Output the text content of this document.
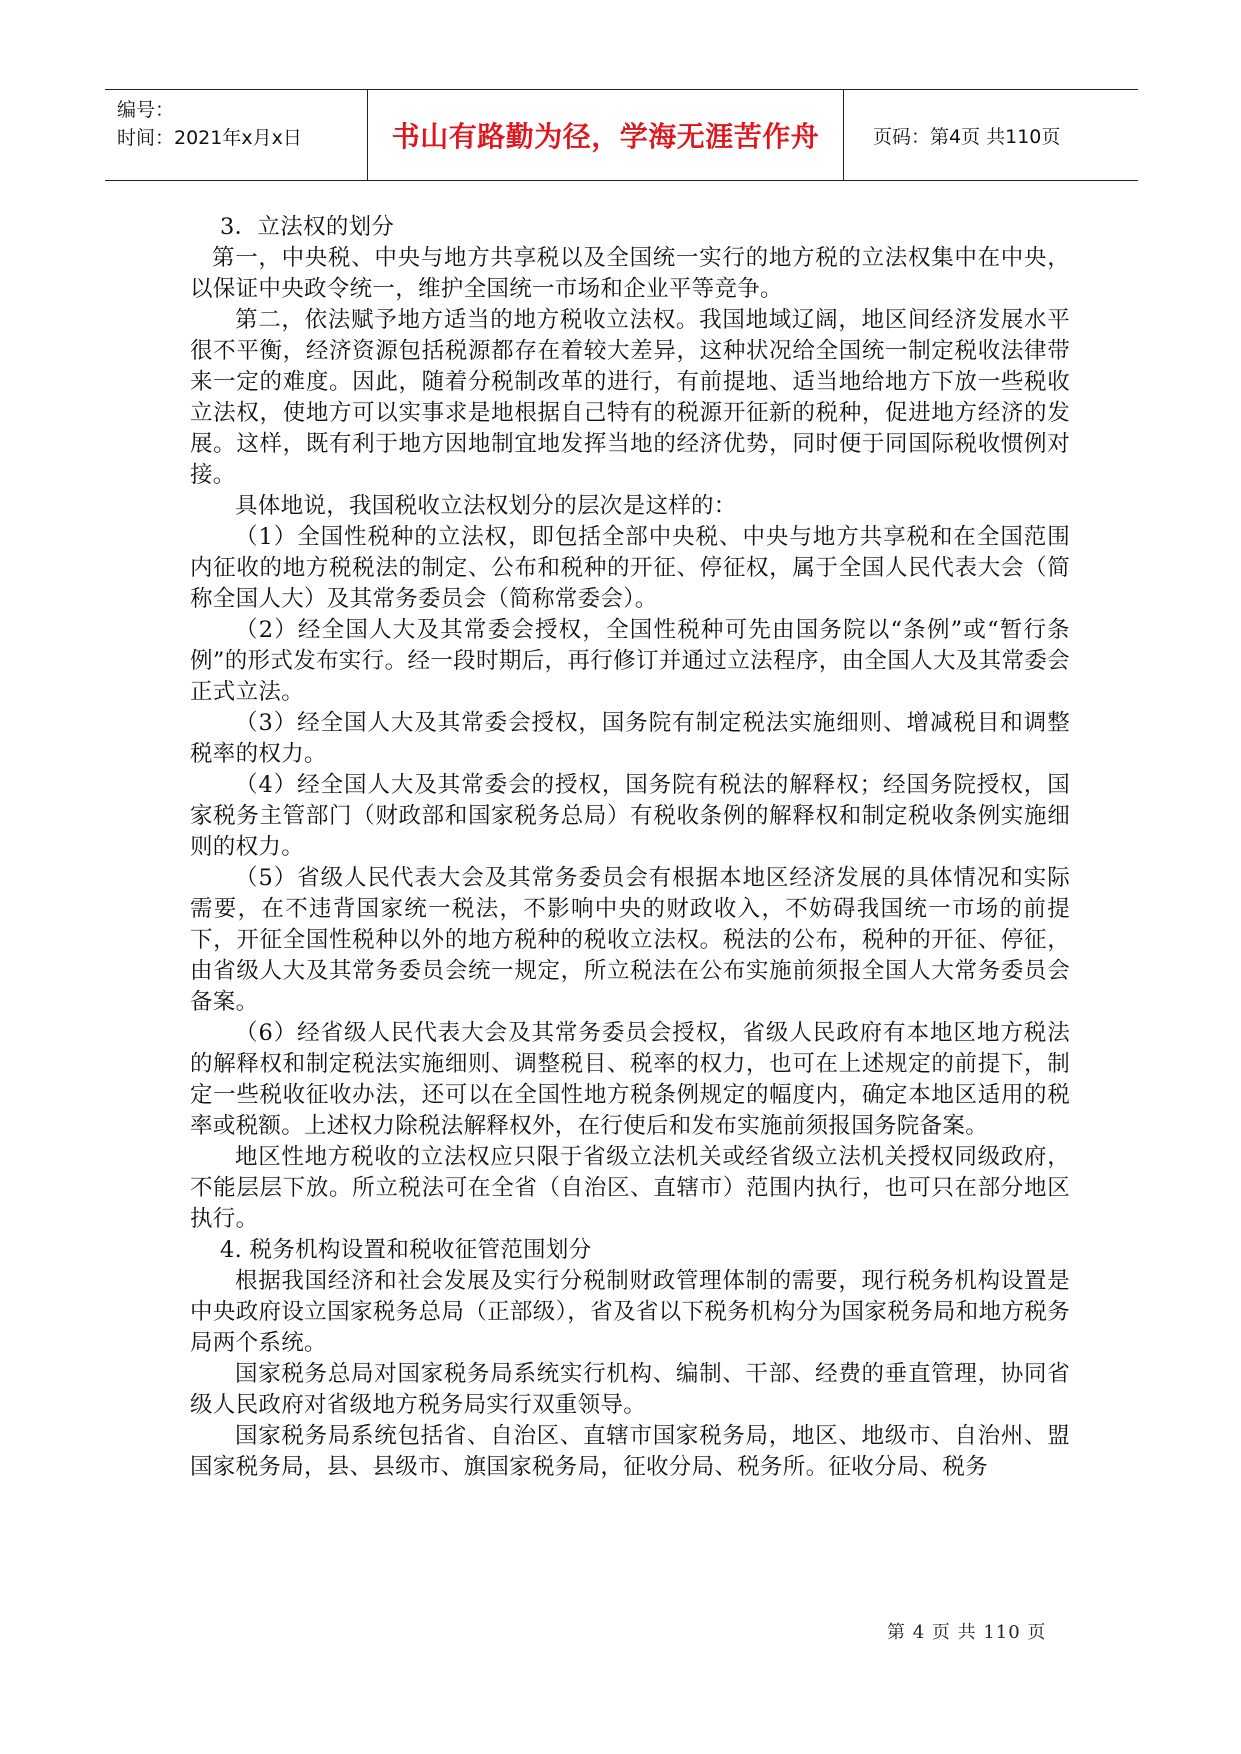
编号：
时间：2021年x月x日	书山有路勤为径，学海无涯苦作舟	页码：第4页 共110页

3．立法权的划分

第一，中央税、中央与地方共享税以及全国统一实行的地方税的立法权集中在中央，以保证中央政令统一，维护全国统一市场和企业平等竞争。

第二，依法赋予地方适当的地方税收立法权。我国地域辽阔，地区间经济发展水平很不平衡，经济资源包括税源都存在着较大差异，这种状况给全国统一制定税收法律带来一定的难度。因此，随着分税制改革的进行，有前提地、适当地给地方下放一些税收立法权，使地方可以实事求是地根据自己特有的税源开征新的税种，促进地方经济的发展。这样，既有利于地方因地制宜地发挥当地的经济优势，同时便于同国际税收惯例对接。

具体地说，我国税收立法权划分的层次是这样的：

（1）全国性税种的立法权，即包括全部中央税、中央与地方共享税和在全国范围内征收的地方税税法的制定、公布和税种的开征、停征权，属于全国人民代表大会（简称全国人大）及其常务委员会（简称常委会）。

（2）经全国人大及其常委会授权，全国性税种可先由国务院以“条例”或“暂行条例”的形式发布实行。经一段时期后，再行修订并通过立法程序，由全国人大及其常委会正式立法。

（3）经全国人大及其常委会授权，国务院有制定税法实施细则、增减税目和调整税率的权力。

（4）经全国人大及其常委会的授权，国务院有税法的解释权；经国务院授权，国家税务主管部门（财政部和国家税务总局）有税收条例的解释权和制定税收条例实施细则的权力。

（5）省级人民代表大会及其常务委员会有根据本地区经济发展的具体情况和实际需要，在不违背国家统一税法，不影响中央的财政收入，不妨碍我国统一市场的前提下，开征全国性税种以外的地方税种的税收立法权。税法的公布，税种的开征、停征，由省级人大及其常务委员会统一规定，所立税法在公布实施前须报全国人大常务委员会备案。

（6）经省级人民代表大会及其常务委员会授权，省级人民政府有本地区地方税法的解释权和制定税法实施细则、调整税目、税率的权力，也可在上述规定的前提下，制定一些税收征收办法，还可以在全国性地方税条例规定的幅度内，确定本地区适用的税率或税额。上述权力除税法解释权外，在行使后和发布实施前须报国务院备案。

地区性地方税收的立法权应只限于省级立法机关或经省级立法机关授权同级政府，不能层层下放。所立税法可在全省（自治区、直辖市）范围内执行，也可只在部分地区执行。

4. 税务机构设置和税收征管范围划分

根据我国经济和社会发展及实行分税制财政管理体制的需要，现行税务机构设置是中央政府设立国家税务总局（正部级），省及省以下税务机构分为国家税务局和地方税务局两个系统。

国家税务总局对国家税务局系统实行机构、编制、干部、经费的垂直管理，协同省级人民政府对省级地方税务局实行双重领导。

国家税务局系统包括省、自治区、直辖市国家税务局，地区、地级市、自治州、盟国家税务局，县、县级市、旗国家税务局，征收分局、税务所。征收分局、税务

第 4 页 共 110 页
